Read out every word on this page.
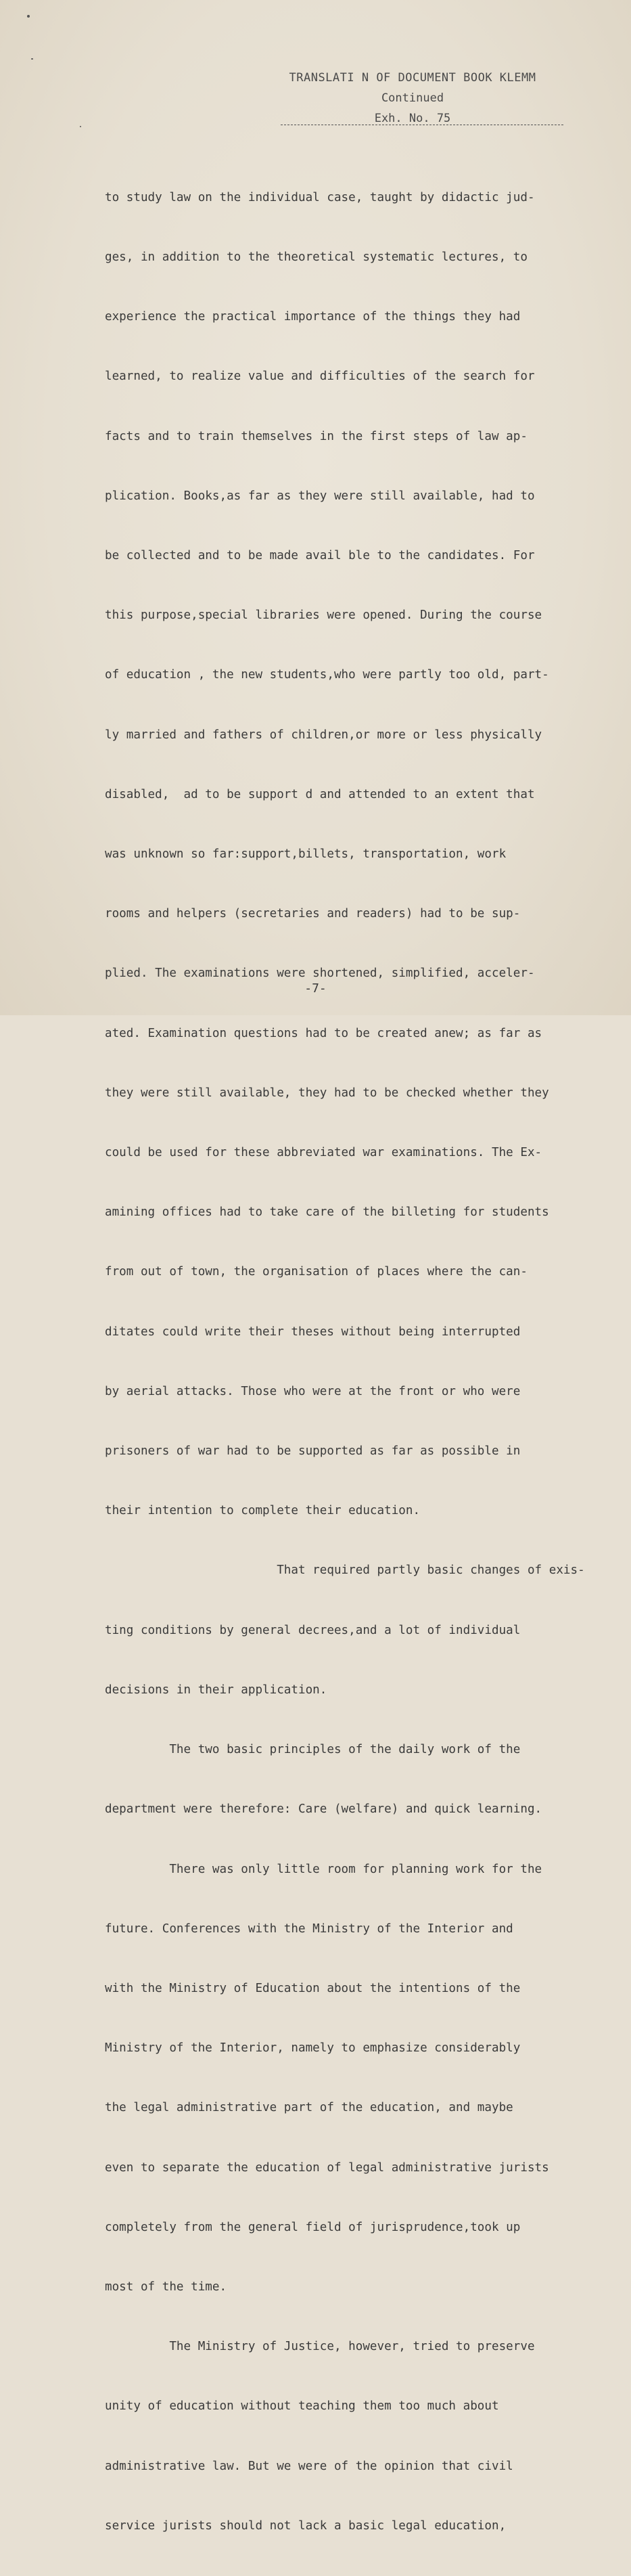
TRANSLATI N OF DOCUMENT BOOK KLEMM
Continued
Exh. No. 75

to study law on the individual case, taught by didactic jud-

ges, in addition to the theoretical systematic lectures, to

experience the practical importance of the things they had

learned, to realize value and difficulties of the search for

facts and to train themselves in the first steps of law ap-

plication. Books,as far as they were still available, had to

be collected and to be made avail ble to the candidates. For

this purpose,special libraries were opened. During the course

of education , the new students,who were partly too old, part-

ly married and fathers of children,or more or less physically

disabled,  ad to be support d and attended to an extent that

was unknown so far:support,billets, transportation, work

rooms and helpers (secretaries and readers) had to be sup-

plied. The examinations were shortened, simplified, acceler-

ated. Examination questions had to be created anew; as far as

they were still available, they had to be checked whether they

could be used for these abbreviated war examinations. The Ex-

amining offices had to take care of the billeting for students

from out of town, the organisation of places where the can-

ditates could write their theses without being interrupted

by aerial attacks. Those who were at the front or who were

prisoners of war had to be supported as far as possible in

their intention to complete their education.

That required partly basic changes of exis-

ting conditions by general decrees,and a lot of individual

decisions in their application.

The two basic principles of the daily work of the

department were therefore: Care (welfare) and quick learning.

There was only little room for planning work for the

future. Conferences with the Ministry of the Interior and

with the Ministry of Education about the intentions of the

Ministry of the Interior, namely to emphasize considerably

the legal administrative part of the education, and maybe

even to separate the education of legal administrative jurists

completely from the general field of jurisprudence,took up

most of the time.

The Ministry of Justice, however, tried to preserve

unity of education without teaching them too much about

administrative law. But we were of the opinion that civil

service jurists should not lack a basic legal education,

-7-
